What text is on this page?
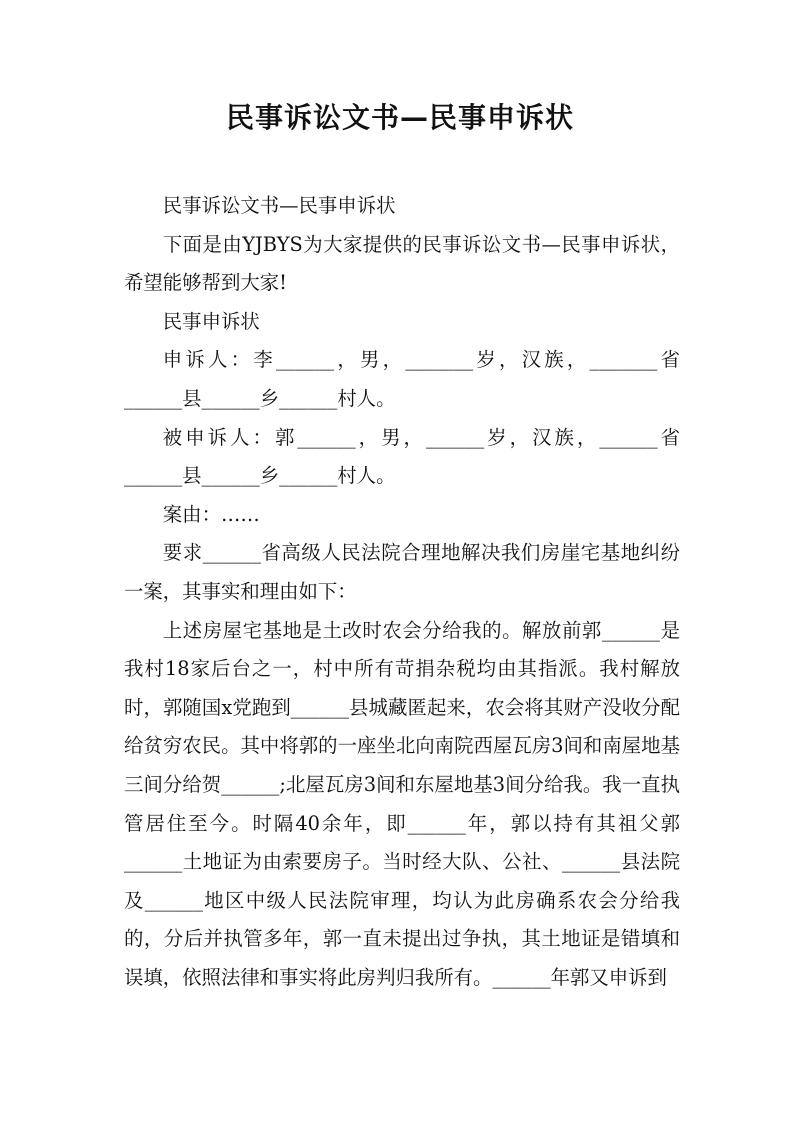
民事诉讼文书—民事申诉状

民事诉讼文书—民事申诉状

下面是由YJBYS为大家提供的民事诉讼文书—民事申诉状，希望能够帮到大家!

民事申诉状

申诉人：李______，男，_______岁，汉族，_______省______县______乡______村人。

被申诉人：郭______，男，______岁，汉族，______省______县______乡______村人。

案由：……

要求______省高级人民法院合理地解决我们房崖宅基地纠纷一案，其事实和理由如下：

上述房屋宅基地是土改时农会分给我的。解放前郭______是我村18家后台之一，村中所有苛捐杂税均由其指派。我村解放时，郭随国x党跑到______县城藏匿起来，农会将其财产没收分配给贫穷农民。其中将郭的一座坐北向南院西屋瓦房3间和南屋地基三间分给贺______;北屋瓦房3间和东屋地基3间分给我。我一直执管居住至今。时隔40余年，即______年，郭以持有其祖父郭______土地证为由索要房子。当时经大队、公社、______县法院及______地区中级人民法院审理，均认为此房确系农会分给我的，分后并执管多年，郭一直未提出过争执，其土地证是错填和误填，依照法律和事实将此房判归我所有。______年郭又申诉到
